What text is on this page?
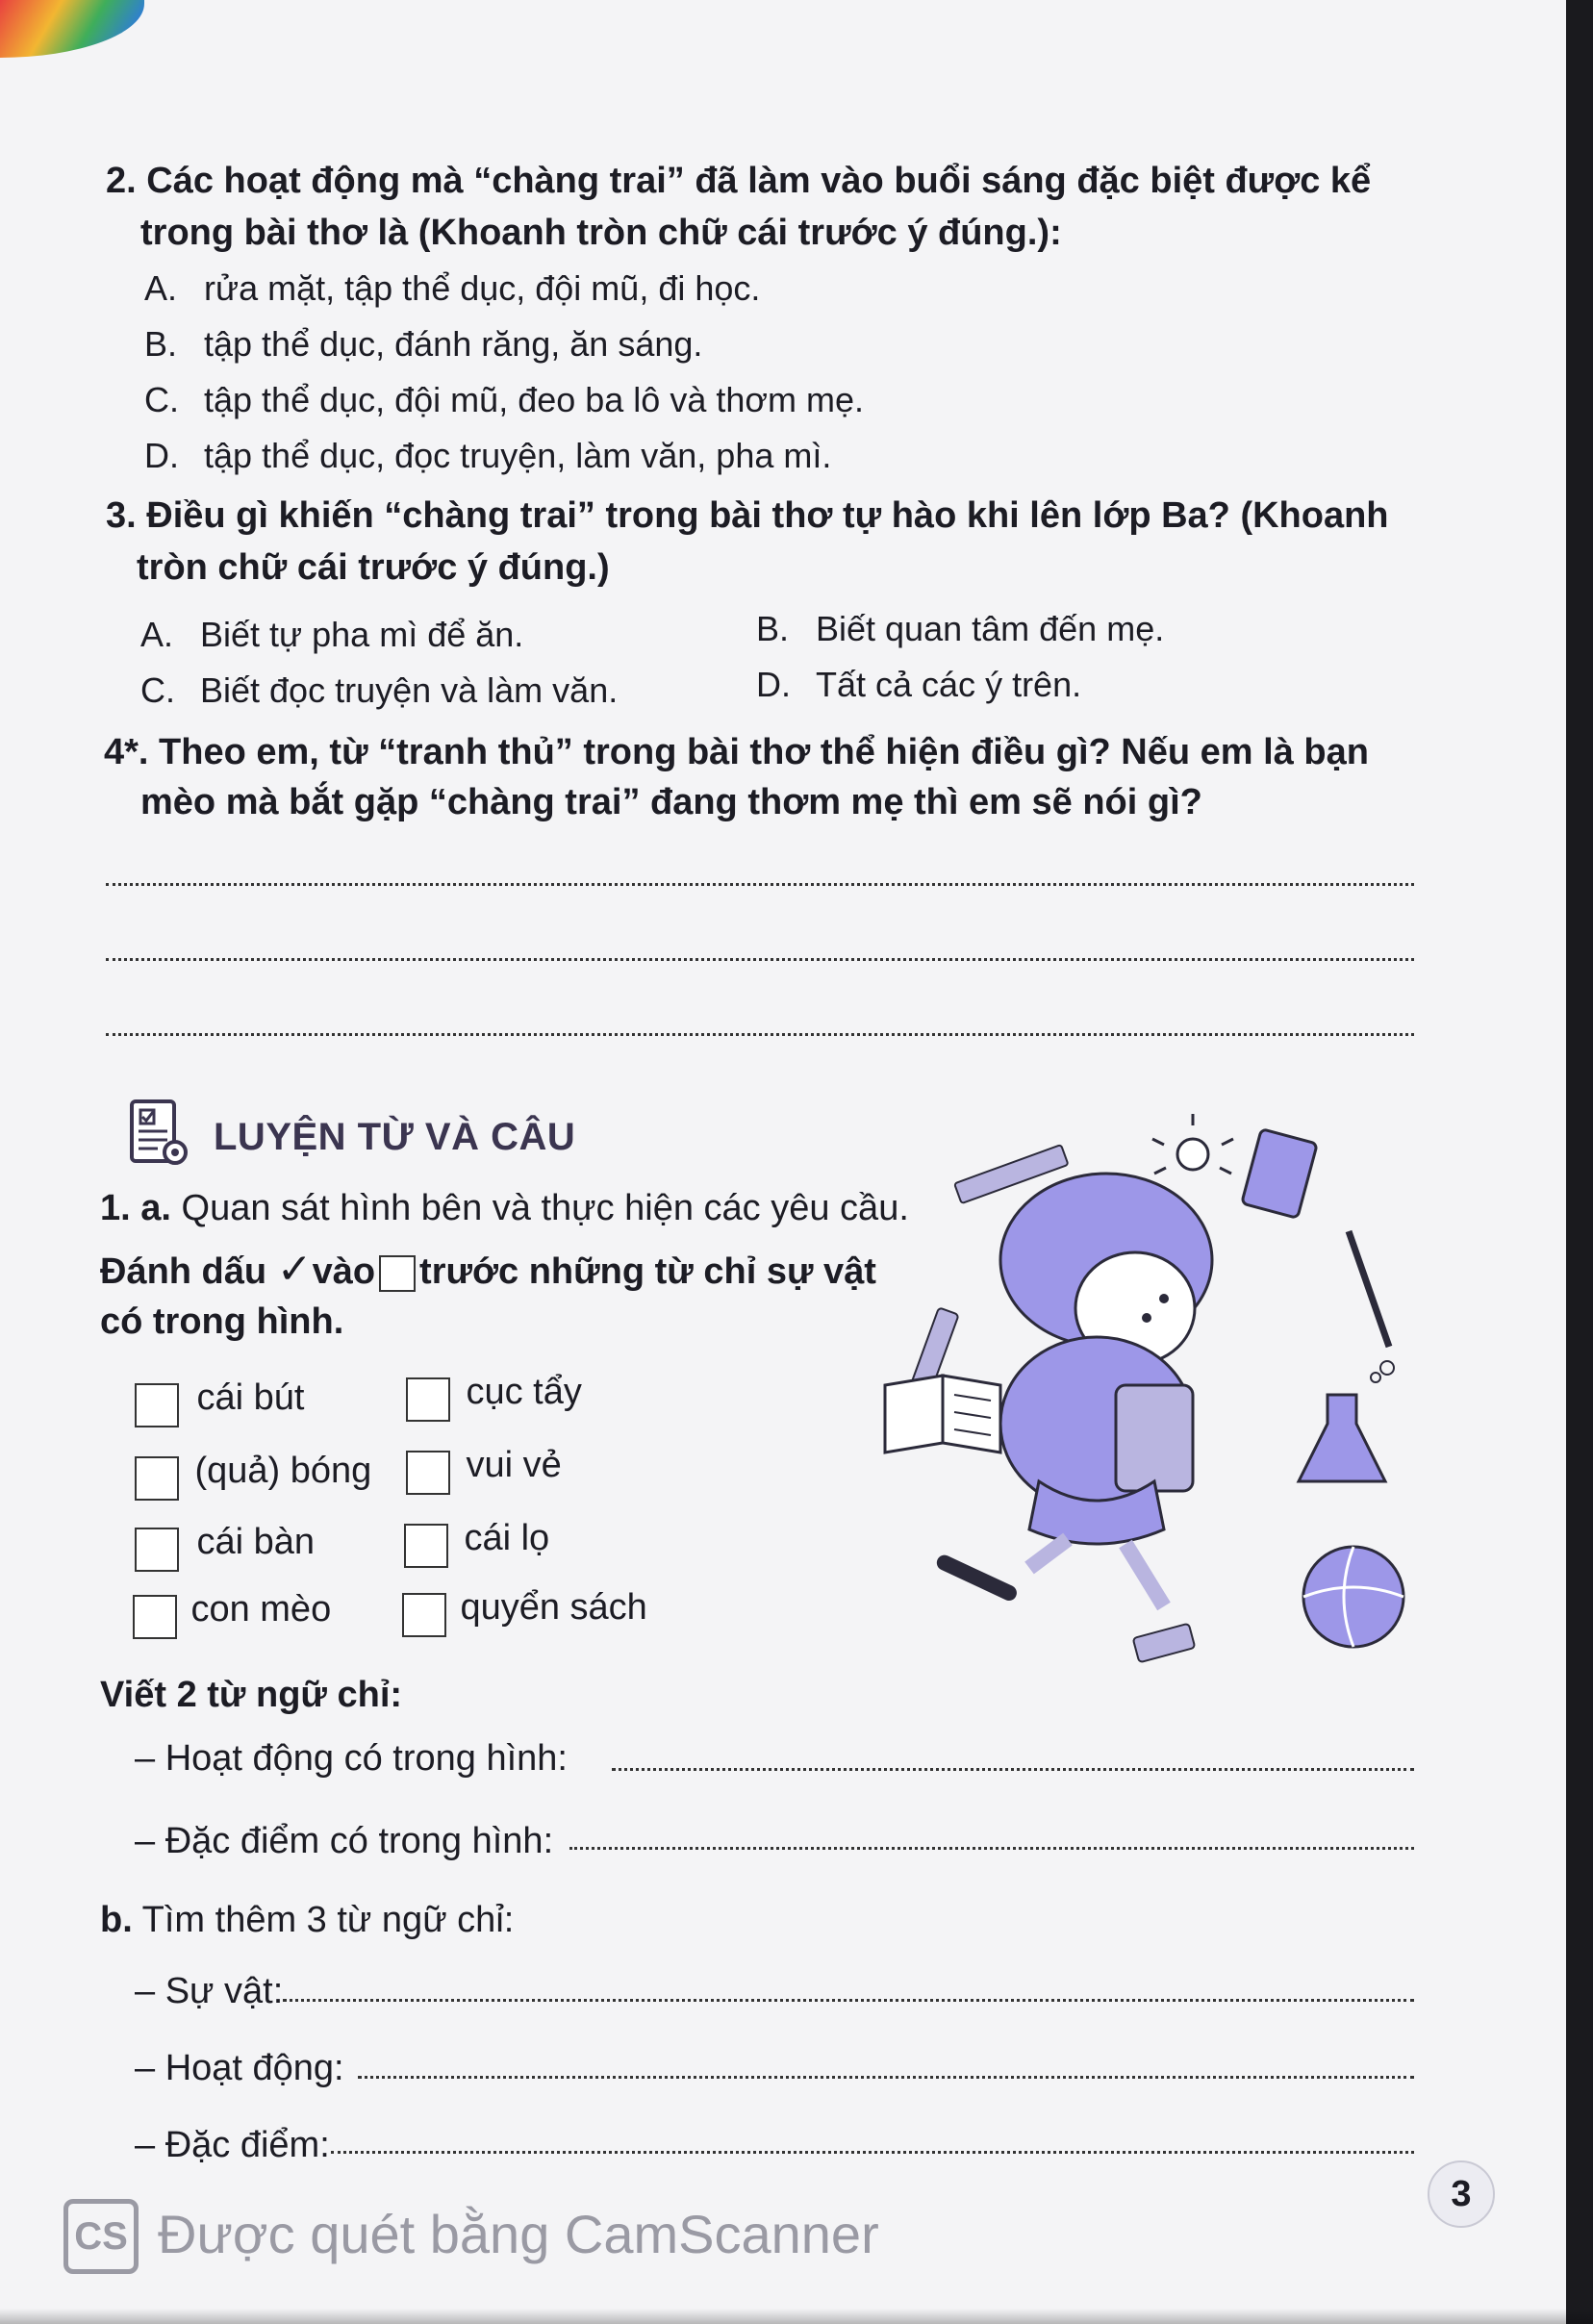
2. Các hoạt động mà “chàng trai” đã làm vào buổi sáng đặc biệt được kể
trong bài thơ là (Khoanh tròn chữ cái trước ý đúng.):
A. rửa mặt, tập thể dục, đội mũ, đi học.
B. tập thể dục, đánh răng, ăn sáng.
C. tập thể dục, đội mũ, đeo ba lô và thơm mẹ.
D. tập thể dục, đọc truyện, làm văn, pha mì.
3. Điều gì khiến “chàng trai” trong bài thơ tự hào khi lên lớp Ba? (Khoanh
tròn chữ cái trước ý đúng.)
A. Biết tự pha mì để ăn.	B. Biết quan tâm đến mẹ.
C. Biết đọc truyện và làm văn.	D. Tất cả các ý trên.
4*. Theo em, từ “tranh thủ” trong bài thơ thể hiện điều gì? Nếu em là bạn
mèo mà bắt gặp “chàng trai” đang thơm mẹ thì em sẽ nói gì?
LUYỆN TỪ VÀ CÂU
1. a. Quan sát hình bên và thực hiện các yêu cầu.
Đánh dấu ✓vào trước những từ chỉ sự vật
có trong hình.
cái bút	cục tẩy
(quả) bóng	vui vẻ
cái bàn	cái lọ
con mèo	quyển sách
Viết 2 từ ngữ chỉ:
– Hoạt động có trong hình:
– Đặc điểm có trong hình:
b. Tìm thêm 3 từ ngữ chỉ:
– Sự vật:
– Hoạt động:
– Đặc điểm:
3
CS Được quét bằng CamScanner
